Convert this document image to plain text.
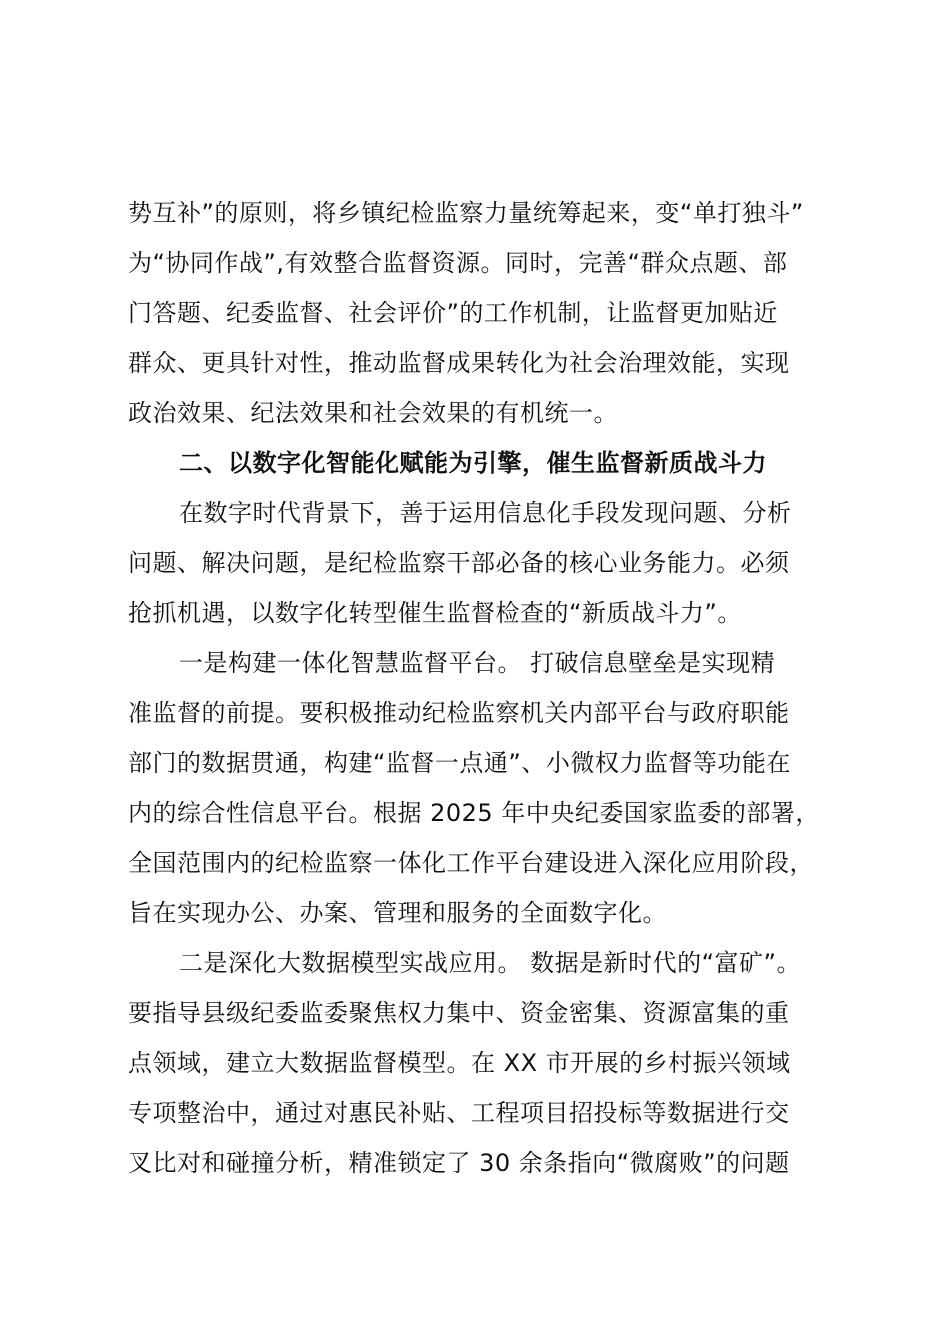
势互补”的原则，将乡镇纪检监察力量统筹起来，变“单打独斗”
为“协同作战”,有效整合监督资源。同时，完善“群众点题、部
门答题、纪委监督、社会评价”的工作机制，让监督更加贴近
群众、更具针对性，推动监督成果转化为社会治理效能，实现
政治效果、纪法效果和社会效果的有机统一。
二、以数字化智能化赋能为引擎，催生监督新质战斗力
在数字时代背景下，善于运用信息化手段发现问题、分析
问题、解决问题，是纪检监察干部必备的核心业务能力。必须
抢抓机遇，以数字化转型催生监督检查的“新质战斗力”。
一是构建一体化智慧监督平台。 打破信息壁垒是实现精
准监督的前提。要积极推动纪检监察机关内部平台与政府职能
部门的数据贯通，构建“监督一点通”、小微权力监督等功能在
内的综合性信息平台。根据 2025 年中央纪委国家监委的部署，
全国范围内的纪检监察一体化工作平台建设进入深化应用阶段，
旨在实现办公、办案、管理和服务的全面数字化。
二是深化大数据模型实战应用。 数据是新时代的“富矿”。
要指导县级纪委监委聚焦权力集中、资金密集、资源富集的重
点领域，建立大数据监督模型。在 XX 市开展的乡村振兴领域
专项整治中，通过对惠民补贴、工程项目招投标等数据进行交
叉比对和碰撞分析，精准锁定了 30 余条指向“微腐败”的问题
